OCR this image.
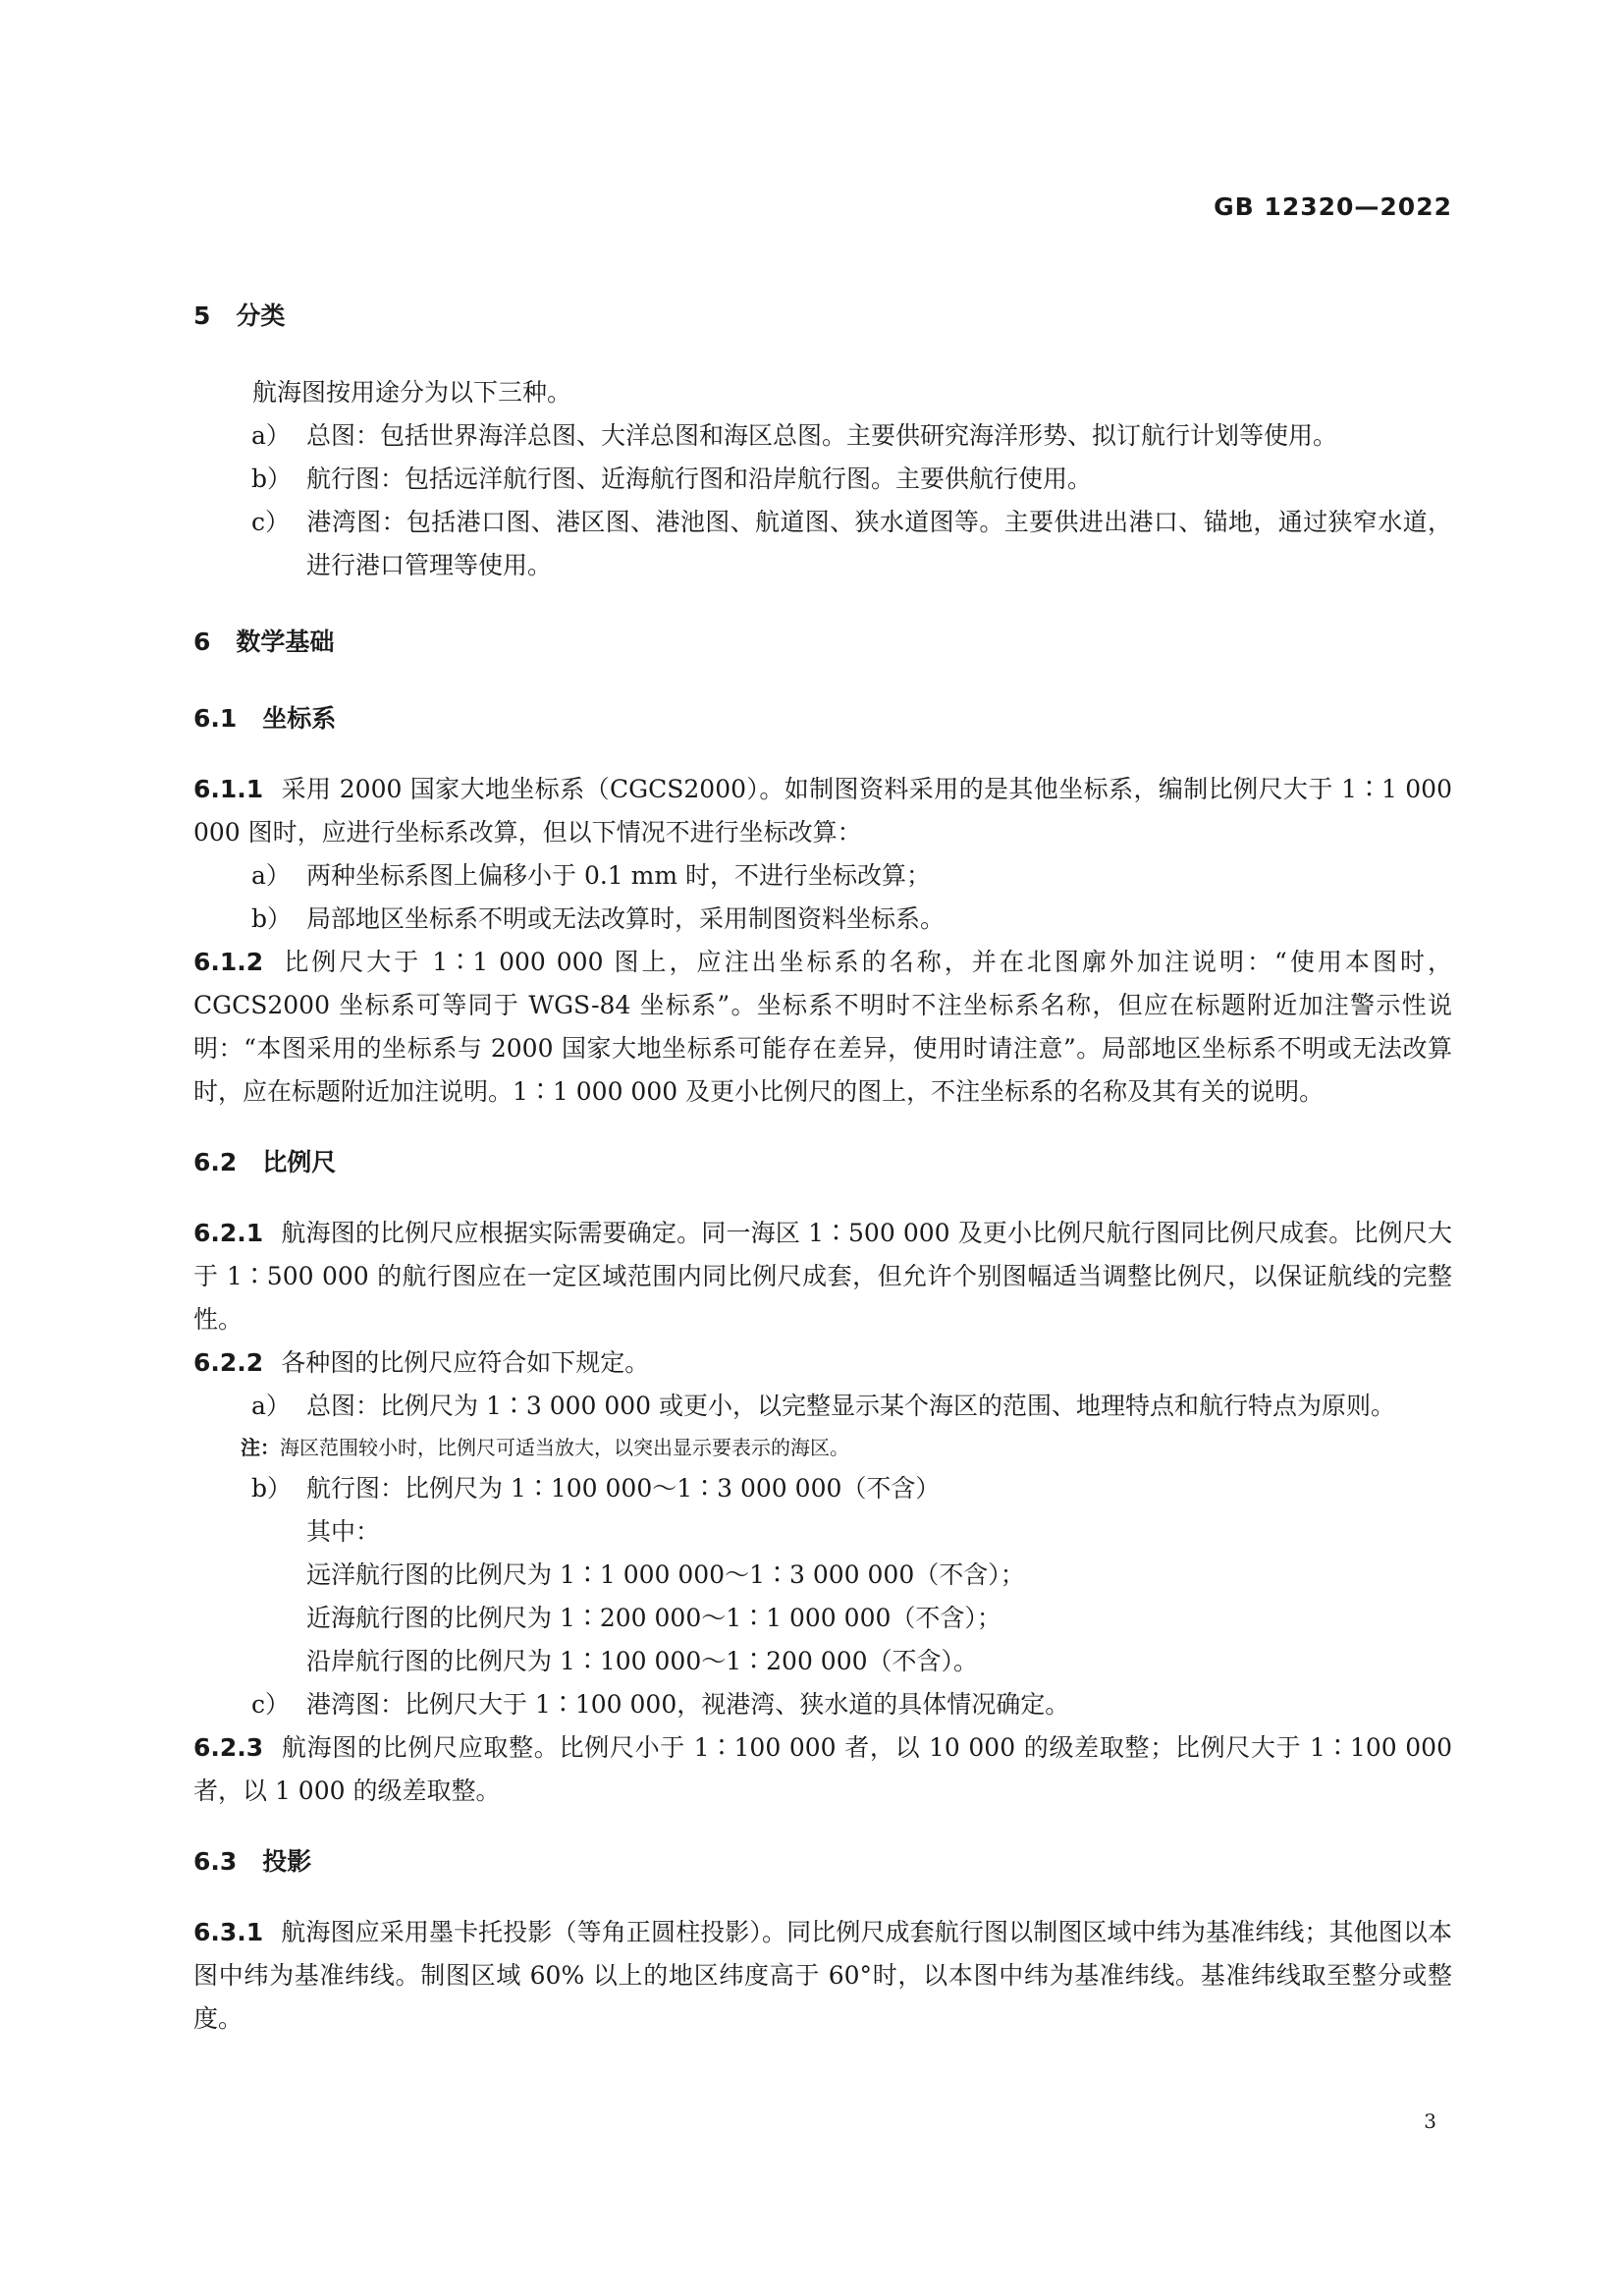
GB 12320—2022
5 分类

航海图按用途分为以下三种。

a） 总图：包括世界海洋总图、大洋总图和海区总图。主要供研究海洋形势、拟订航行计划等使用。

b） 航行图：包括远洋航行图、近海航行图和沿岸航行图。主要供航行使用。

c） 港湾图：包括港口图、港区图、港池图、航道图、狭水道图等。主要供进出港口、锚地，通过狭窄水道，进行港口管理等使用。

6 数学基础
6.1 坐标系

6.1.1 采用 2000 国家大地坐标系（CGCS2000）。如制图资料采用的是其他坐标系，编制比例尺大于 1∶1 000 000 图时，应进行坐标系改算，但以下情况不进行坐标改算：

a） 两种坐标系图上偏移小于 0.1 mm 时，不进行坐标改算；

b） 局部地区坐标系不明或无法改算时，采用制图资料坐标系。

6.1.2 比例尺大于 1∶1 000 000 图上，应注出坐标系的名称，并在北图廓外加注说明：“使用本图时，CGCS2000 坐标系可等同于 WGS-84 坐标系”。坐标系不明时不注坐标系名称，但应在标题附近加注警示性说明：“本图采用的坐标系与 2000 国家大地坐标系可能存在差异，使用时请注意”。局部地区坐标系不明或无法改算时，应在标题附近加注说明。1∶1 000 000 及更小比例尺的图上，不注坐标系的名称及其有关的说明。

6.2 比例尺

6.2.1 航海图的比例尺应根据实际需要确定。同一海区 1∶500 000 及更小比例尺航行图同比例尺成套。比例尺大于 1∶500 000 的航行图应在一定区域范围内同比例尺成套，但允许个别图幅适当调整比例尺，以保证航线的完整性。

6.2.2 各种图的比例尺应符合如下规定。

a） 总图：比例尺为 1∶3 000 000 或更小，以完整显示某个海区的范围、地理特点和航行特点为原则。

注：海区范围较小时，比例尺可适当放大，以突出显示要表示的海区。

b） 航行图：比例尺为 1∶100 000～1∶3 000 000（不含）

其中：

远洋航行图的比例尺为 1∶1 000 000～1∶3 000 000（不含）；

近海航行图的比例尺为 1∶200 000～1∶1 000 000（不含）；

沿岸航行图的比例尺为 1∶100 000～1∶200 000（不含）。

c） 港湾图：比例尺大于 1∶100 000，视港湾、狭水道的具体情况确定。

6.2.3 航海图的比例尺应取整。比例尺小于 1∶100 000 者，以 10 000 的级差取整；比例尺大于 1∶100 000 者，以 1 000 的级差取整。

6.3 投影

6.3.1 航海图应采用墨卡托投影（等角正圆柱投影）。同比例尺成套航行图以制图区域中纬为基准纬线；其他图以本图中纬为基准纬线。制图区域 60% 以上的地区纬度高于 60°时，以本图中纬为基准纬线。基准纬线取至整分或整度。

3
